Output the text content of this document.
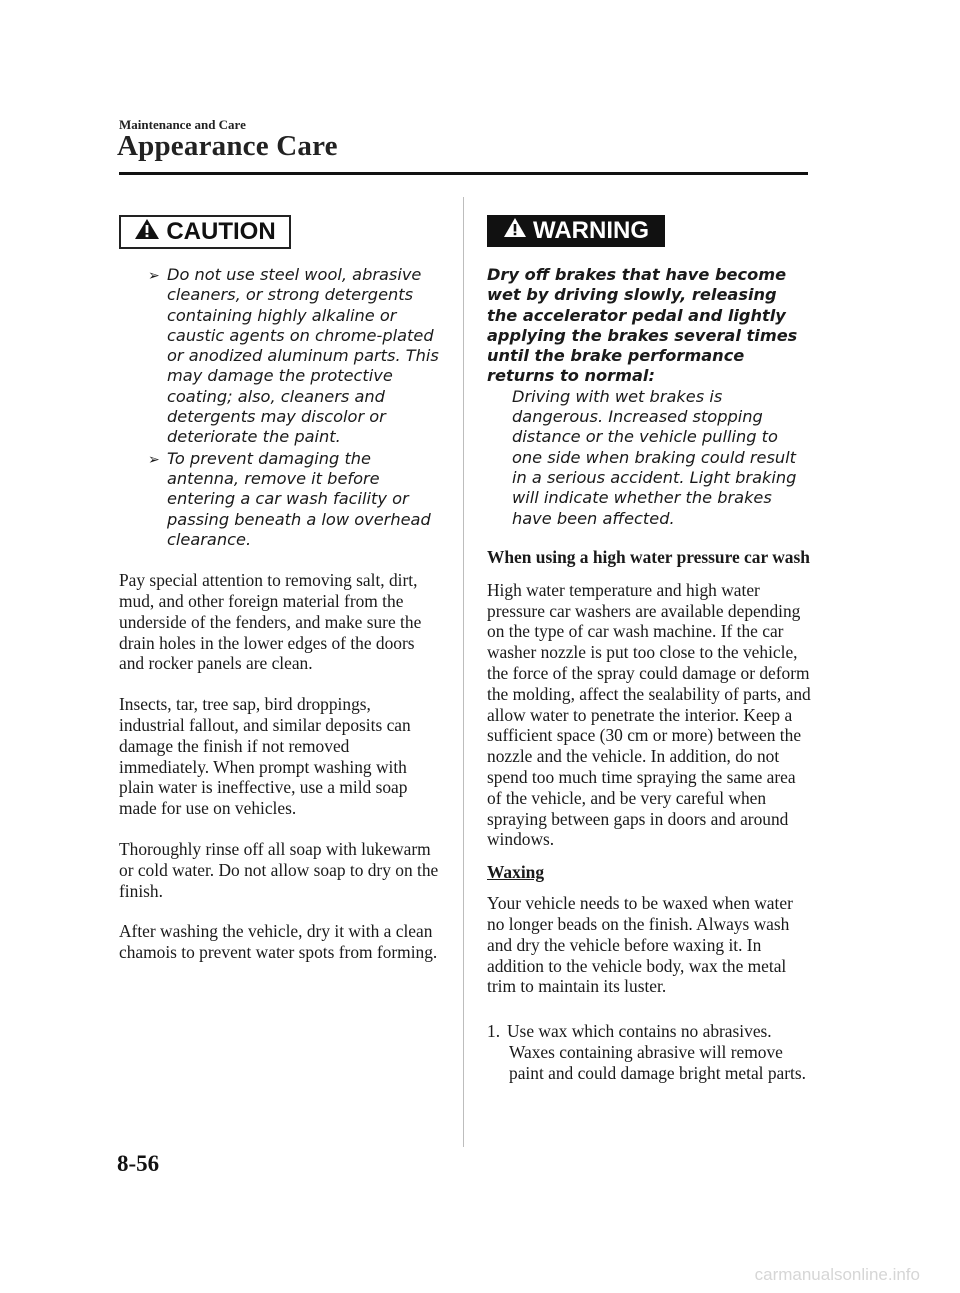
Maintenance and Care
Appearance Care
CAUTION
➢ Do not use steel wool, abrasive cleaners, or strong detergents containing highly alkaline or caustic agents on chrome-plated or anodized aluminum parts. This may damage the protective coating; also, cleaners and detergents may discolor or deteriorate the paint.
➢ To prevent damaging the antenna, remove it before entering a car wash facility or passing beneath a low overhead clearance.

Pay special attention to removing salt, dirt, mud, and other foreign material from the underside of the fenders, and make sure the drain holes in the lower edges of the doors and rocker panels are clean.

Insects, tar, tree sap, bird droppings, industrial fallout, and similar deposits can damage the finish if not removed immediately. When prompt washing with plain water is ineffective, use a mild soap made for use on vehicles.

Thoroughly rinse off all soap with lukewarm or cold water. Do not allow soap to dry on the finish.

After washing the vehicle, dry it with a clean chamois to prevent water spots from forming.

WARNING
Dry off brakes that have become wet by driving slowly, releasing the accelerator pedal and lightly applying the brakes several times until the brake performance returns to normal:
Driving with wet brakes is dangerous. Increased stopping distance or the vehicle pulling to one side when braking could result in a serious accident. Light braking will indicate whether the brakes have been affected.
When using a high water pressure car wash

High water temperature and high water pressure car washers are available depending on the type of car wash machine. If the car washer nozzle is put too close to the vehicle, the force of the spray could damage or deform the molding, affect the sealability of parts, and allow water to penetrate the interior. Keep a sufficient space (30 cm or more) between the nozzle and the vehicle. In addition, do not spend too much time spraying the same area of the vehicle, and be very careful when spraying between gaps in doors and around windows.

Waxing

Your vehicle needs to be waxed when water no longer beads on the finish. Always wash and dry the vehicle before waxing it. In addition to the vehicle body, wax the metal trim to maintain its luster.

1. Use wax which contains no abrasives.
Waxes containing abrasive will remove paint and could damage bright metal parts.
8-56
carmanualsonline.info
